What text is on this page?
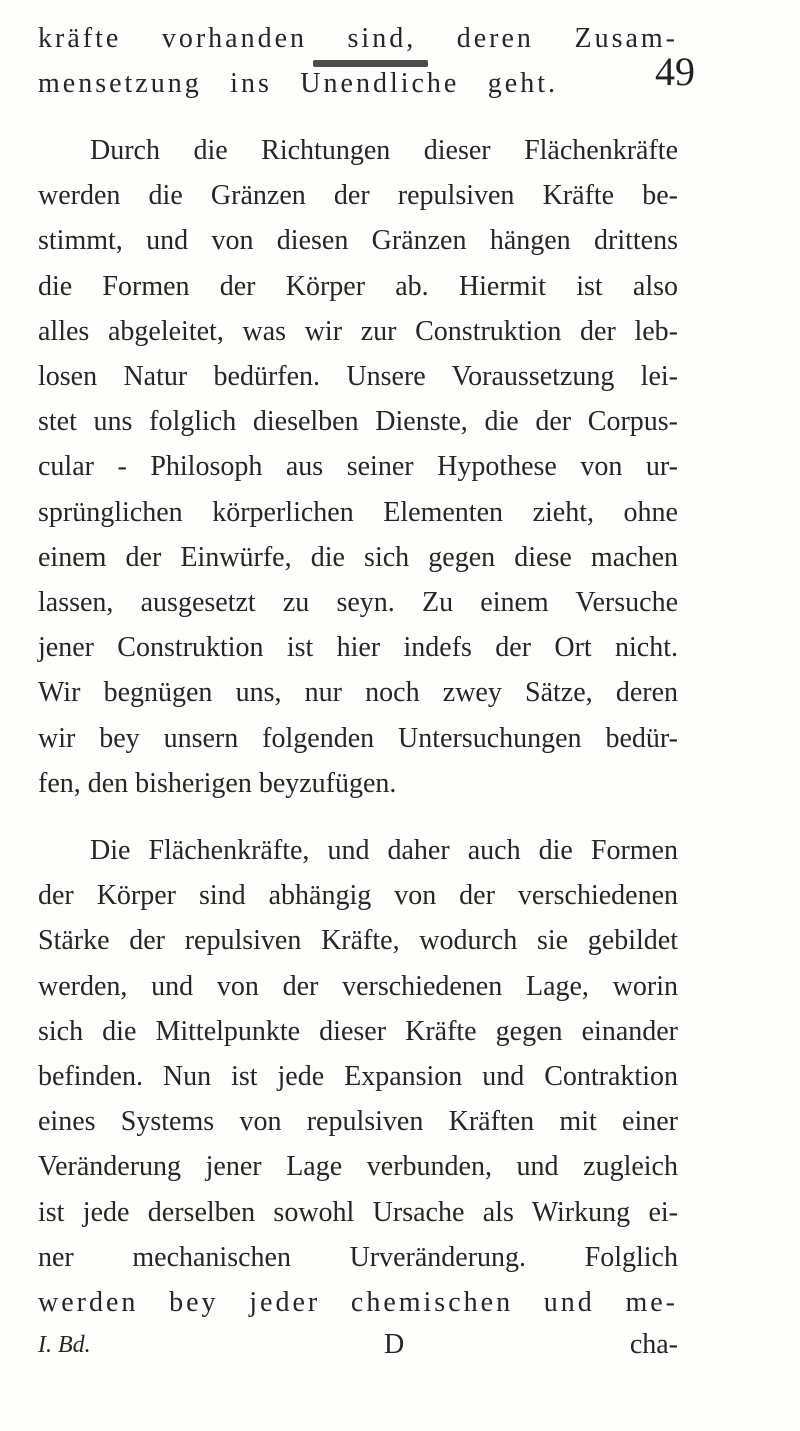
49
kräfte vorhanden sind, deren Zusam-
mensetzung ins Unendliche geht.
Durch die Richtungen dieser Flächenkräfte
werden die Gränzen der repulsiven Kräfte be-
stimmt, und von diesen Gränzen hängen drittens
die Formen der Körper ab. Hiermit ist also
alles abgeleitet, was wir zur Construktion der leb-
losen Natur bedürfen. Unsere Voraussetzung lei-
stet uns folglich dieselben Dienste, die der Corpus-
cular - Philosoph aus seiner Hypothese von ur-
sprünglichen körperlichen Elementen zieht, ohne
einem der Einwürfe, die sich gegen diese machen
lassen, ausgesetzt zu seyn. Zu einem Versuche
jener Construktion ist hier indefs der Ort nicht.
Wir begnügen uns, nur noch zwey Sätze, deren
wir bey unsern folgenden Untersuchungen bedür-
fen, den bisherigen beyzufügen.
Die Flächenkräfte, und daher auch die Formen
der Körper sind abhängig von der verschiedenen
Stärke der repulsiven Kräfte, wodurch sie gebildet
werden, und von der verschiedenen Lage, worin
sich die Mittelpunkte dieser Kräfte gegen einander
befinden. Nun ist jede Expansion und Contraktion
eines Systems von repulsiven Kräften mit einer
Veränderung jener Lage verbunden, und zugleich
ist jede derselben sowohl Ursache als Wirkung ei-
ner mechanischen Urveränderung. Folglich
werden bey jeder chemischen und me-
I. Bd.	D	cha-
